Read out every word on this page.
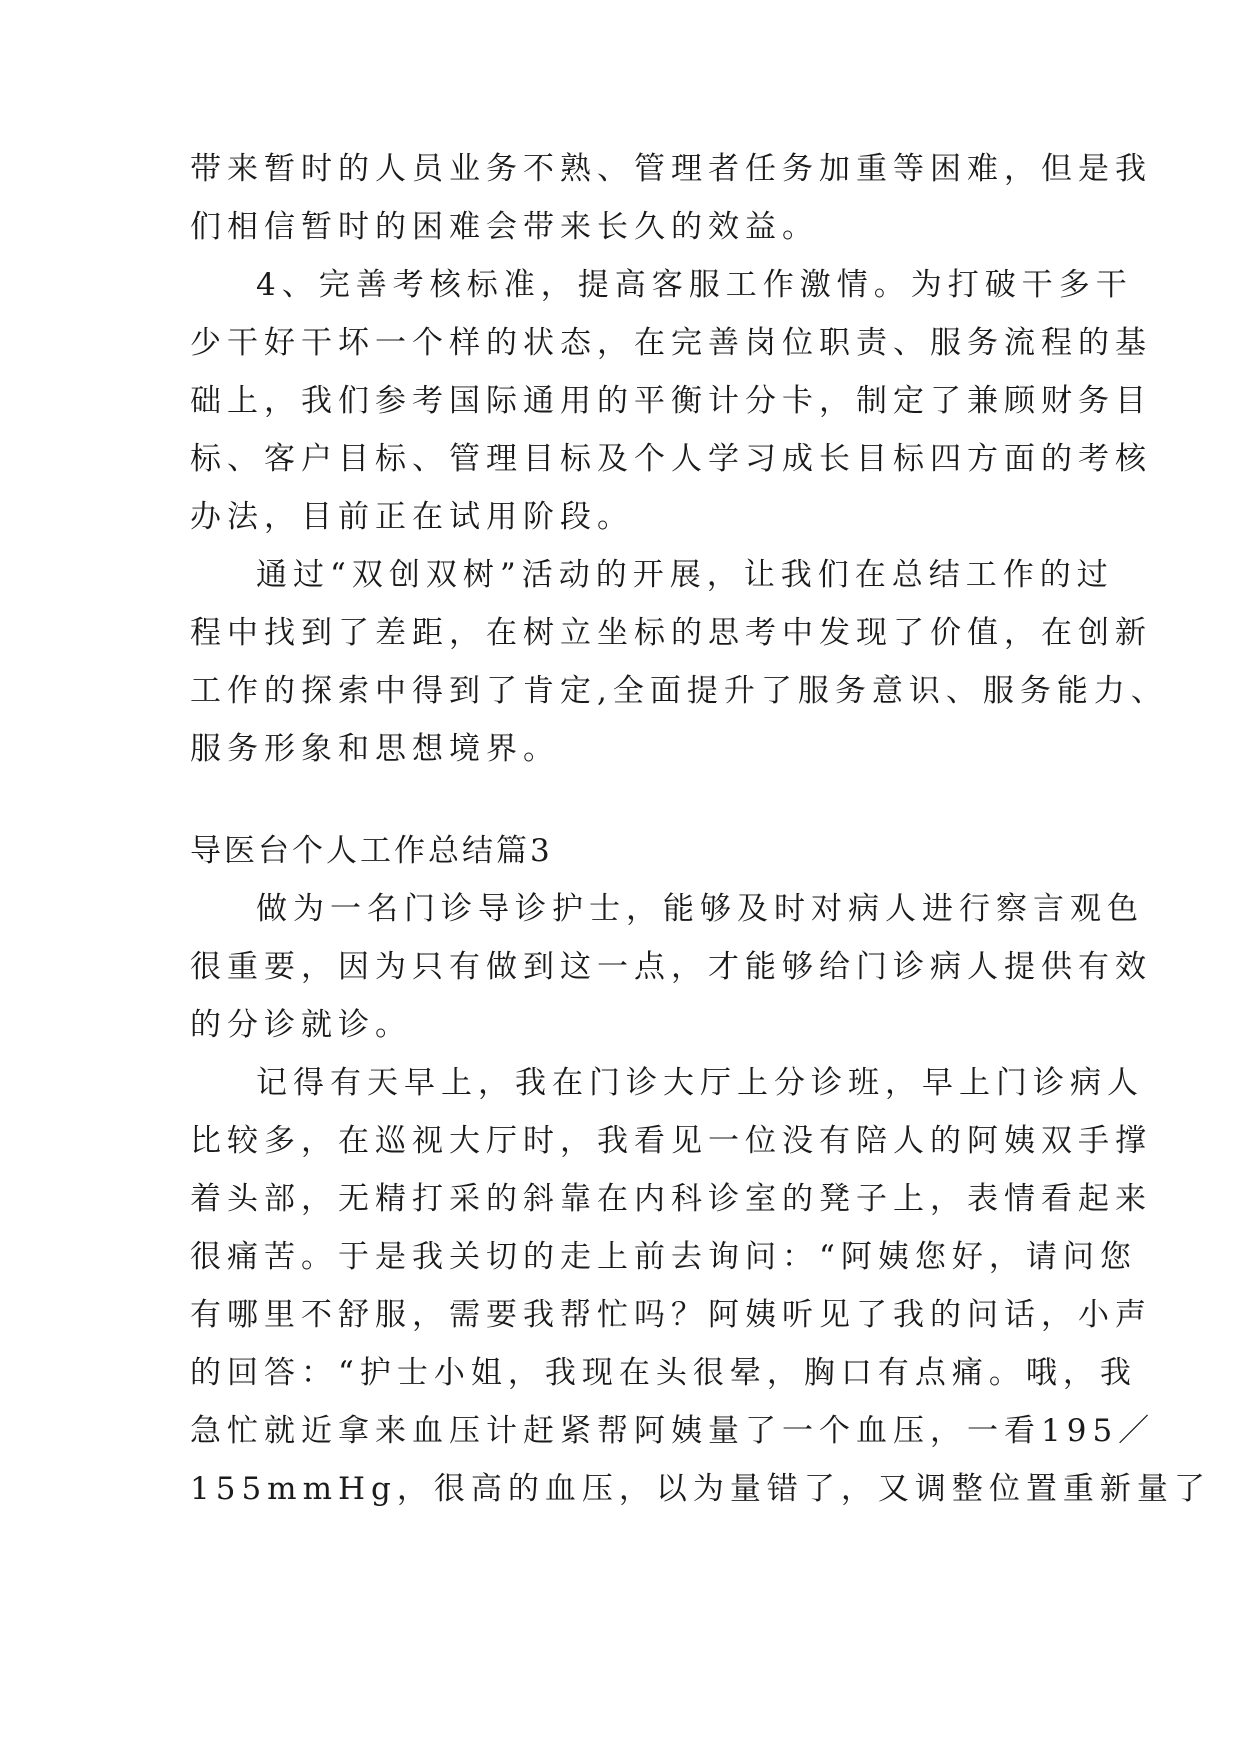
带来暂时的人员业务不熟、管理者任务加重等困难，但是我
们相信暂时的困难会带来长久的效益。
4、完善考核标准，提高客服工作激情。为打破干多干
少干好干坏一个样的状态，在完善岗位职责、服务流程的基
础上，我们参考国际通用的平衡计分卡，制定了兼顾财务目
标、客户目标、管理目标及个人学习成长目标四方面的考核
办法，目前正在试用阶段。
通过“双创双树”活动的开展，让我们在总结工作的过
程中找到了差距，在树立坐标的思考中发现了价值，在创新
工作的探索中得到了肯定,全面提升了服务意识、服务能力、
服务形象和思想境界。
导医台个人工作总结篇3
做为一名门诊导诊护士，能够及时对病人进行察言观色
很重要，因为只有做到这一点，才能够给门诊病人提供有效
的分诊就诊。
记得有天早上，我在门诊大厅上分诊班，早上门诊病人
比较多，在巡视大厅时，我看见一位没有陪人的阿姨双手撑
着头部，无精打采的斜靠在内科诊室的凳子上，表情看起来
很痛苦。于是我关切的走上前去询问：“阿姨您好，请问您
有哪里不舒服，需要我帮忙吗？阿姨听见了我的问话，小声
的回答：“护士小姐，我现在头很晕，胸口有点痛。哦，我
急忙就近拿来血压计赶紧帮阿姨量了一个血压，一看195／
155mmHg，很高的血压，以为量错了，又调整位置重新量了
